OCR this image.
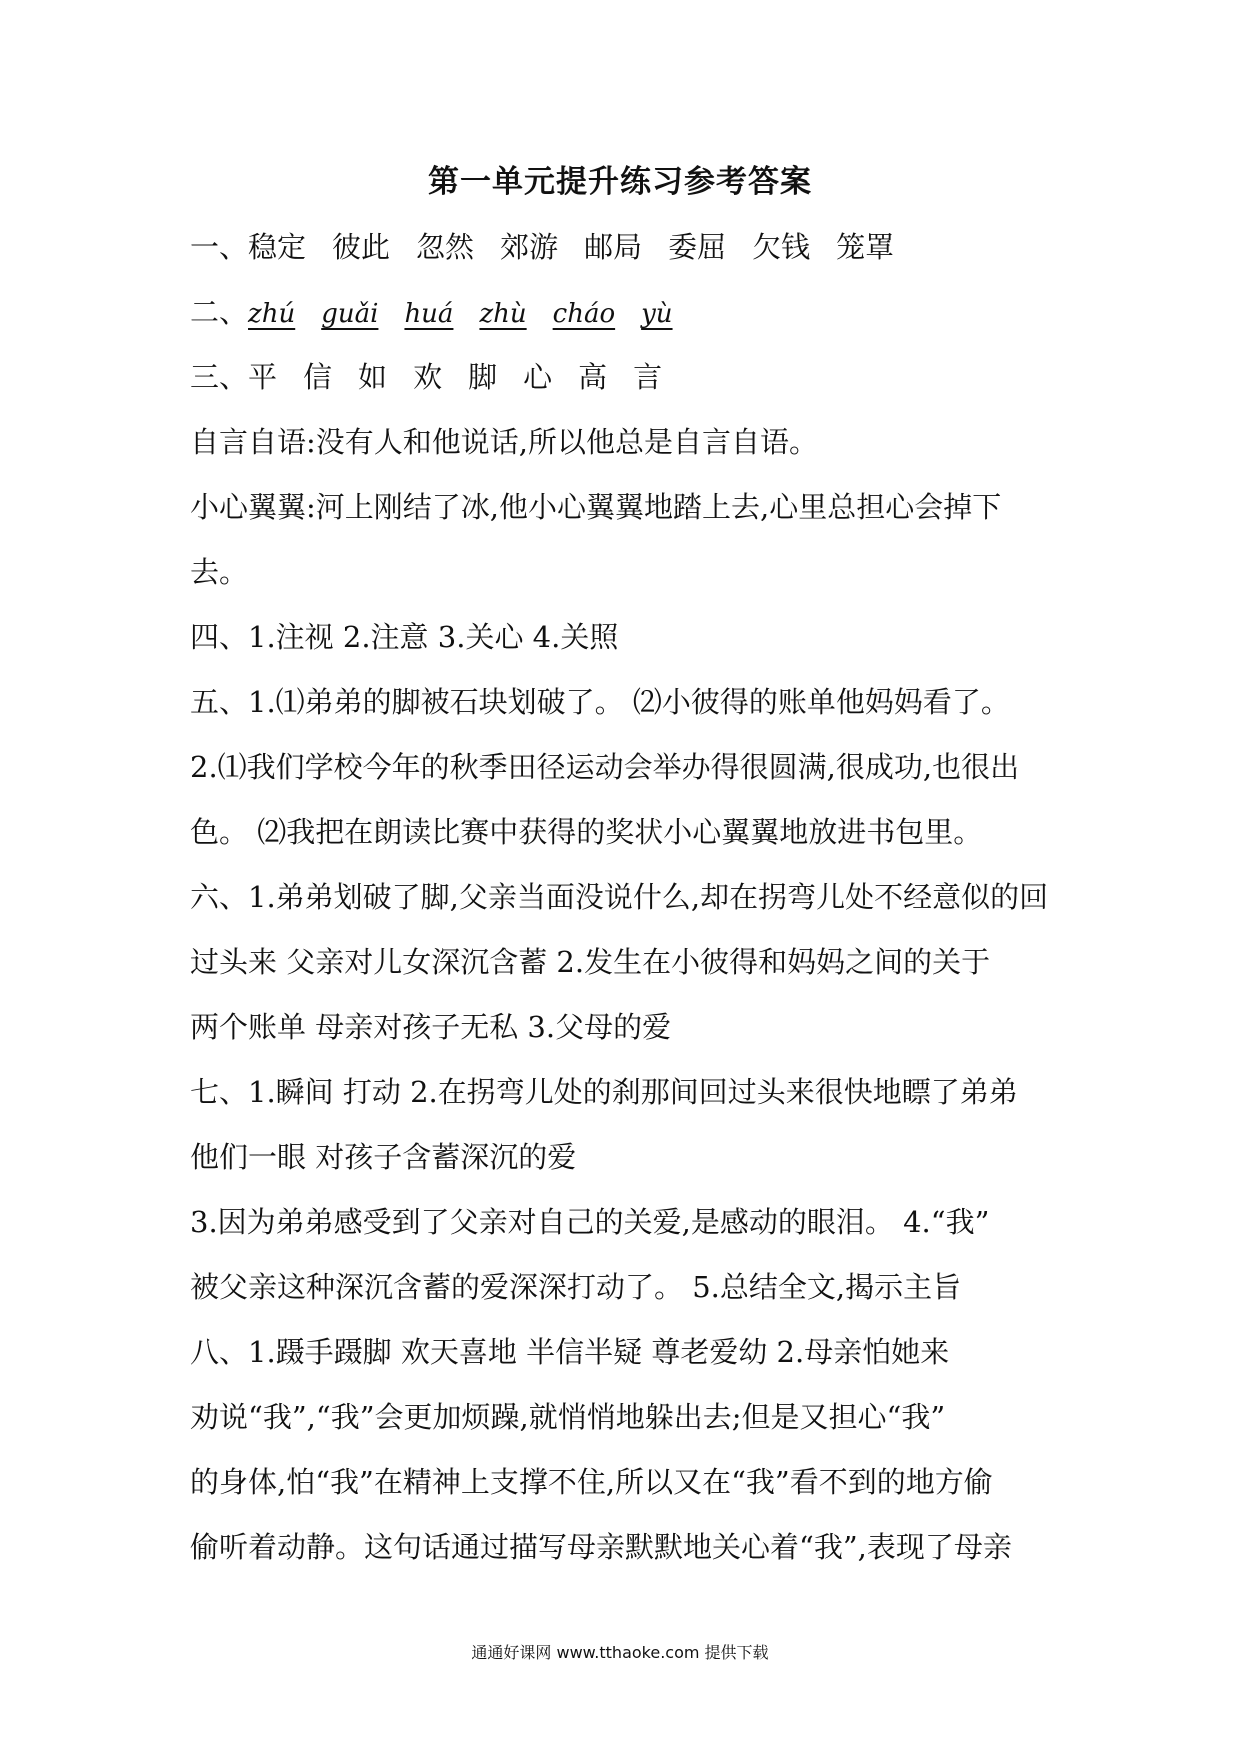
第一单元提升练习参考答案
一、稳定 彼此 忽然 郊游 邮局 委屈 欠钱 笼罩
二、zhú guǎi huá zhù cháo yù
三、平 信 如 欢 脚 心 高 言
自言自语:没有人和他说话,所以他总是自言自语。
小心翼翼:河上刚结了冰,他小心翼翼地踏上去,心里总担心会掉下
去。
四、1.注视 2.注意 3.关心 4.关照
五、1.⑴弟弟的脚被石块划破了。 ⑵小彼得的账单他妈妈看了。
2.⑴我们学校今年的秋季田径运动会举办得很圆满,很成功,也很出
色。 ⑵我把在朗读比赛中获得的奖状小心翼翼地放进书包里。
六、1.弟弟划破了脚,父亲当面没说什么,却在拐弯儿处不经意似的回
过头来 父亲对儿女深沉含蓄 2.发生在小彼得和妈妈之间的关于
两个账单 母亲对孩子无私 3.父母的爱
七、1.瞬间 打动 2.在拐弯儿处的刹那间回过头来很快地瞟了弟弟
他们一眼 对孩子含蓄深沉的爱
3.因为弟弟感受到了父亲对自己的关爱,是感动的眼泪。 4.“我”
被父亲这种深沉含蓄的爱深深打动了。 5.总结全文,揭示主旨
八、1.蹑手蹑脚 欢天喜地 半信半疑 尊老爱幼 2.母亲怕她来
劝说“我”,“我”会更加烦躁,就悄悄地躲出去;但是又担心“我”
的身体,怕“我”在精神上支撑不住,所以又在“我”看不到的地方偷
偷听着动静。这句话通过描写母亲默默地关心着“我”,表现了母亲
通通好课网 www.tthaoke.com 提供下载
